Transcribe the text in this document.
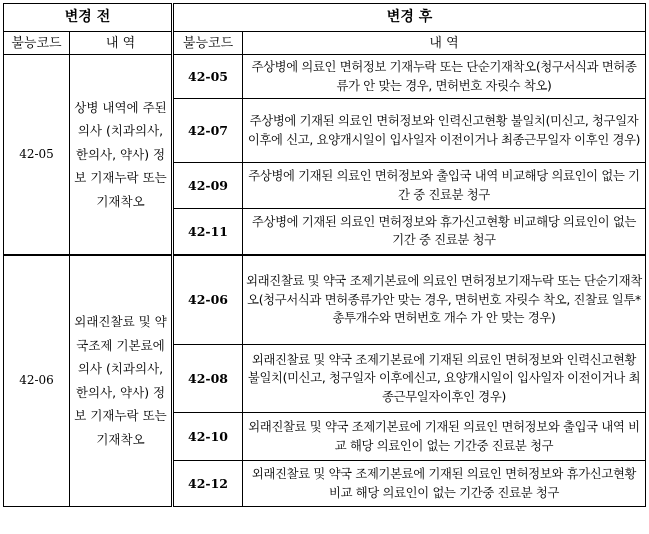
변경 전		변경 후	
불능코드	내 역	불능코드	내 역
42-05	상병 내역에 주된 의사 (치과의사, 한의사, 약사) 정보 기재누락 또는 기재착오	42-05	주상병에 의료인 면허정보 기재누락 또는 단순기재착오(청구서식과 면허종류가 안 맞는 경우, 면허번호 자릿수 착오)
		42-07	주상병에 기재된 의료인 면허정보와 인력신고현황 불일치(미신고, 청구일자 이후에 신고, 요양개시일이 입사일자 이전이거나 최종근무일자 이후인 경우)
		42-09	주상병에 기재된 의료인 면허정보와 출입국 내역 비교해당 의료인이 없는 기간 중 진료분 청구
		42-11	주상병에 기재된 의료인 면허정보와 휴가신고현황 비교해당 의료인이 없는 기간 중 진료분 청구
42-06	외래진찰료 및 약국조제 기본료에 의사 (치과의사, 한의사, 약사) 정보 기재누락 또는 기재착오	42-06	외래진찰료 및 약국 조제기본료에 의료인 면허정보기재누락 또는 단순기재착오(청구서식과 면허종류가안 맞는 경우, 면허번호 자릿수 착오, 진찰료 일투*총투개수와 면허번호 개수 가 안 맞는 경우)
		42-08	외래진찰료 및 약국 조제기본료에 기재된 의료인 면허정보와 인력신고현황 불일치(미신고, 청구일자 이후에신고, 요양개시일이 입사일자 이전이거나 최종근무일자이후인 경우)
		42-10	외래진찰료 및 약국 조제기본료에 기재된 의료인 면허정보와 출입국 내역 비교 해당 의료인이 없는 기간중 진료분 청구
		42-12	외래진찰료 및 약국 조제기본료에 기재된 의료인 면허정보와 휴가신고현황 비교 해당 의료인이 없는 기간중 진료분 청구
